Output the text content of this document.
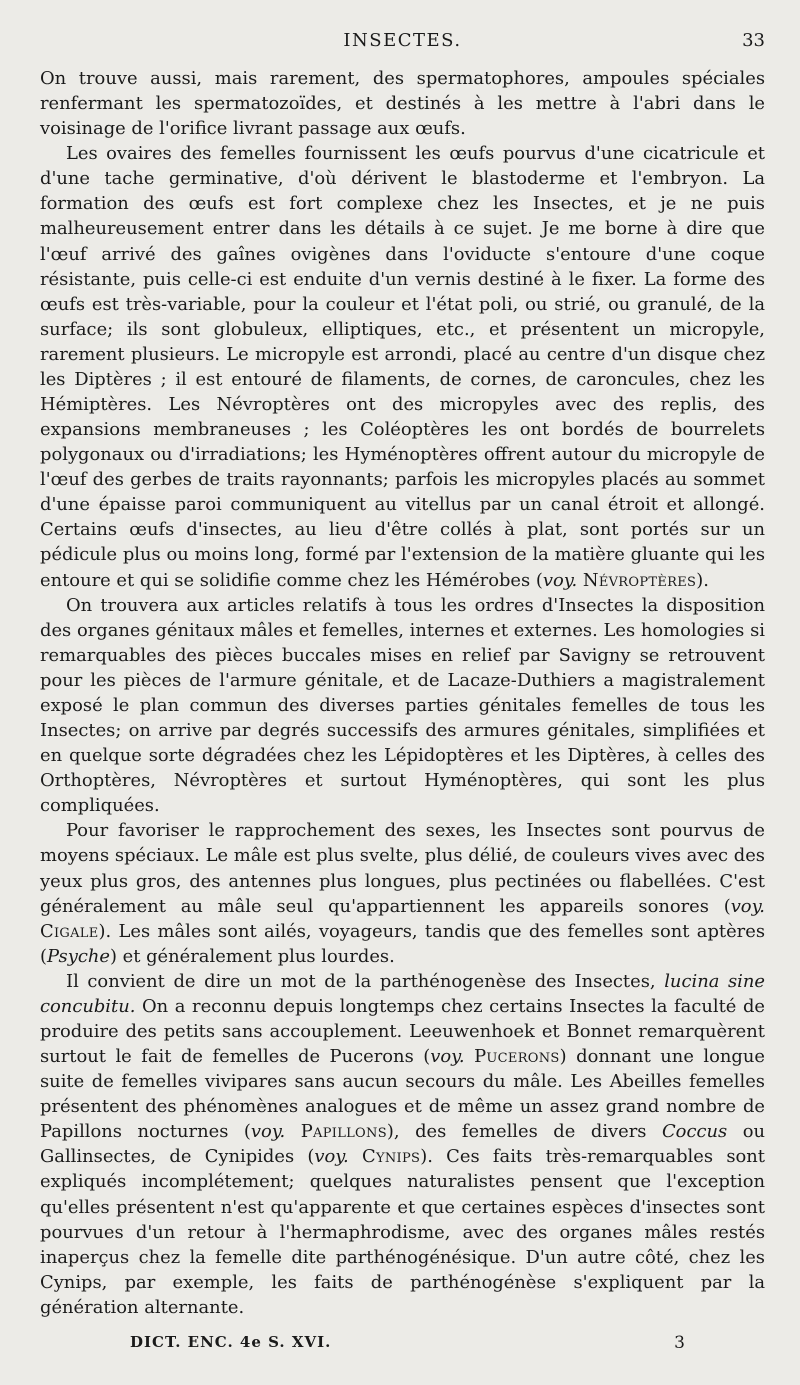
INSECTES.	33

On trouve aussi, mais rarement, des spermatophores, ampoules spéciales renfermant les spermatozoïdes, et destinés à les mettre à l'abri dans le voisinage de l'orifice livrant passage aux œufs.

Les ovaires des femelles fournissent les œufs pourvus d'une cicatricule et d'une tache germinative, d'où dérivent le blastoderme et l'embryon. La formation des œufs est fort complexe chez les Insectes, et je ne puis malheureusement entrer dans les détails à ce sujet. Je me borne à dire que l'œuf arrivé des gaînes ovigènes dans l'oviducte s'entoure d'une coque résistante, puis celle-ci est enduite d'un vernis destiné à le fixer. La forme des œufs est très-variable, pour la couleur et l'état poli, ou strié, ou granulé, de la surface; ils sont globuleux, elliptiques, etc., et présentent un micropyle, rarement plusieurs. Le micropyle est arrondi, placé au centre d'un disque chez les Diptères ; il est entouré de filaments, de cornes, de caroncules, chez les Hémiptères. Les Névroptères ont des micropyles avec des replis, des expansions membraneuses ; les Coléoptères les ont bordés de bourrelets polygonaux ou d'irradiations; les Hyménoptères offrent autour du micropyle de l'œuf des gerbes de traits rayonnants; parfois les micropyles placés au sommet d'une épaisse paroi communiquent au vitellus par un canal étroit et allongé. Certains œufs d'insectes, au lieu d'être collés à plat, sont portés sur un pédicule plus ou moins long, formé par l'extension de la matière gluante qui les entoure et qui se solidifie comme chez les Hémérobes (voy. Névroptères).

On trouvera aux articles relatifs à tous les ordres d'Insectes la disposition des organes génitaux mâles et femelles, internes et externes. Les homologies si remarquables des pièces buccales mises en relief par Savigny se retrouvent pour les pièces de l'armure génitale, et de Lacaze-Duthiers a magistralement exposé le plan commun des diverses parties génitales femelles de tous les Insectes; on arrive par degrés successifs des armures génitales, simplifiées et en quelque sorte dégradées chez les Lépidoptères et les Diptères, à celles des Orthoptères, Névroptères et surtout Hyménoptères, qui sont les plus compliquées.

Pour favoriser le rapprochement des sexes, les Insectes sont pourvus de moyens spéciaux. Le mâle est plus svelte, plus délié, de couleurs vives avec des yeux plus gros, des antennes plus longues, plus pectinées ou flabellées. C'est généralement au mâle seul qu'appartiennent les appareils sonores (voy. Cigale). Les mâles sont ailés, voyageurs, tandis que des femelles sont aptères (Psyche) et généralement plus lourdes.

Il convient de dire un mot de la parthénogenèse des Insectes, lucina sine concubitu. On a reconnu depuis longtemps chez certains Insectes la faculté de produire des petits sans accouplement. Leeuwenhoek et Bonnet remarquèrent surtout le fait de femelles de Pucerons (voy. Pucerons) donnant une longue suite de femelles vivipares sans aucun secours du mâle. Les Abeilles femelles présentent des phénomènes analogues et de même un assez grand nombre de Papillons nocturnes (voy. Papillons), des femelles de divers Coccus ou Gallinsectes, de Cynipides (voy. Cynips). Ces faits très-remarquables sont expliqués incomplétement; quelques naturalistes pensent que l'exception qu'elles présentent n'est qu'apparente et que certaines espèces d'insectes sont pourvues d'un retour à l'hermaphrodisme, avec des organes mâles restés inaperçus chez la femelle dite parthénogénésique. D'un autre côté, chez les Cynips, par exemple, les faits de parthénogénèse s'expliquent par la génération alternante.

DICT. ENC. 4e S. XVI.	3
